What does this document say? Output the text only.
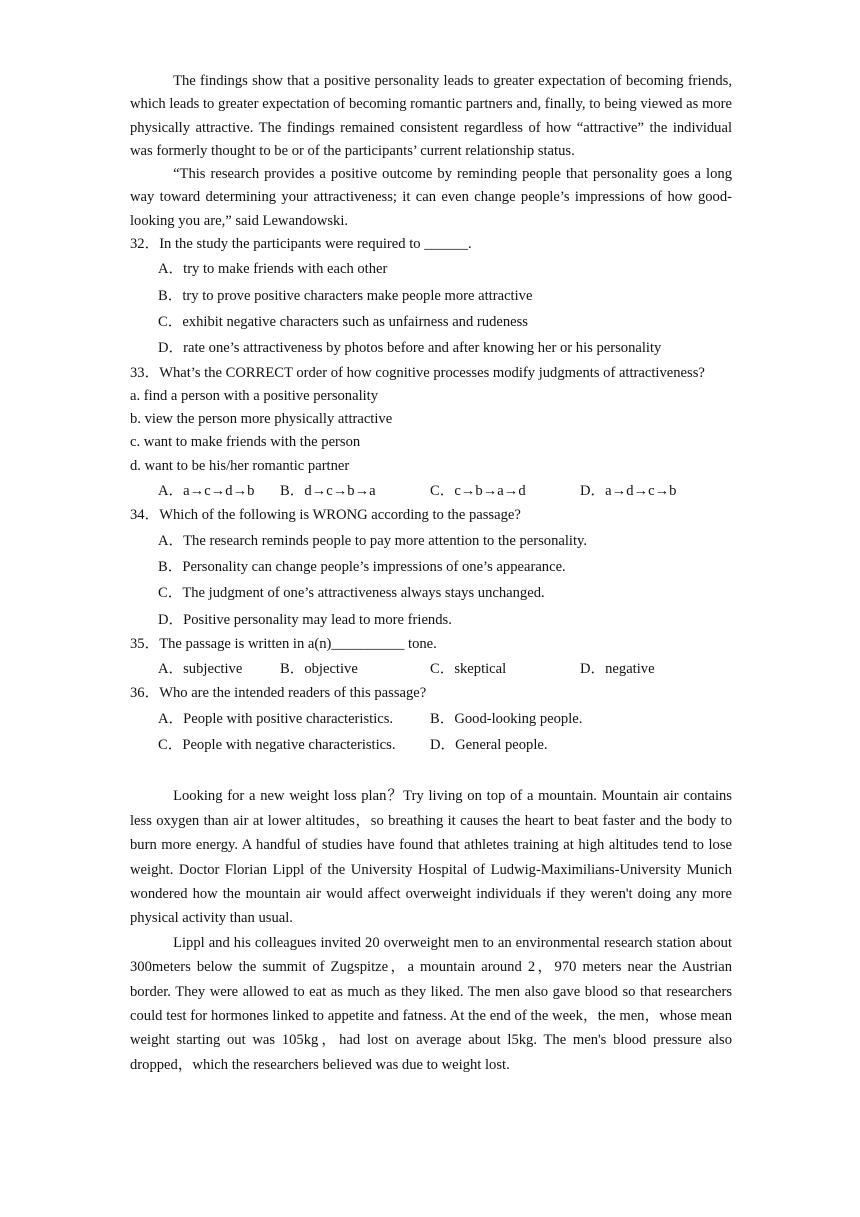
The findings show that a positive personality leads to greater expectation of becoming friends, which leads to greater expectation of becoming romantic partners and, finally, to being viewed as more physically attractive. The findings remained consistent regardless of how “attractive” the individual was formerly thought to be or of the participants’ current relationship status.

“This research provides a positive outcome by reminding people that personality goes a long way toward determining your attractiveness; it can even change people’s impressions of how good-looking you are,” said Lewandowski.

32．In the study the participants were required to ______.

A．try to make friends with each other

B．try to prove positive characters make people more attractive

C．exhibit negative characters such as unfairness and rudeness

D．rate one’s attractiveness by photos before and after knowing her or his personality

33．What’s the CORRECT order of how cognitive processes modify judgments of attractiveness?

a. find a person with a positive personality

b. view the person more physically attractive

c. want to make friends with the person

d. want to be his/her romantic partner

A．a→c→d→b	B．d→c→b→a	C．c→b→a→d	D．a→d→c→b

34．Which of the following is WRONG according to the passage?

A．The research reminds people to pay more attention to the personality.

B．Personality can change people’s impressions of one’s appearance.

C．The judgment of one’s attractiveness always stays unchanged.

D．Positive personality may lead to more friends.

35．The passage is written in a(n)__________ tone.

A．subjective	B．objective	C．skeptical	D．negative

36．Who are the intended readers of this passage?

A．People with positive characteristics.	B．Good-looking people.
C．People with negative characteristics.	D．General people.

Looking for a new weight loss plan？Try living on top of a mountain. Mountain air contains less oxygen than air at lower altitudes，so breathing it causes the heart to beat faster and the body to burn more energy. A handful of studies have found that athletes training at high altitudes tend to lose weight. Doctor Florian Lippl of the University Hospital of Ludwig-Maximilians-University Munich wondered how the mountain air would affect overweight individuals if they weren't doing any more physical activity than usual.

Lippl and his colleagues invited 20 overweight men to an environmental research station about 300meters below the summit of Zugspitze，a mountain around 2，970 meters near the Austrian border. They were allowed to eat as much as they liked. The men also gave blood so that researchers could test for hormones linked to appetite and fatness. At the end of the week，the men，whose mean weight starting out was 105kg，had lost on average about l5kg. The men's blood pressure also dropped，which the researchers believed was due to weight lost.
